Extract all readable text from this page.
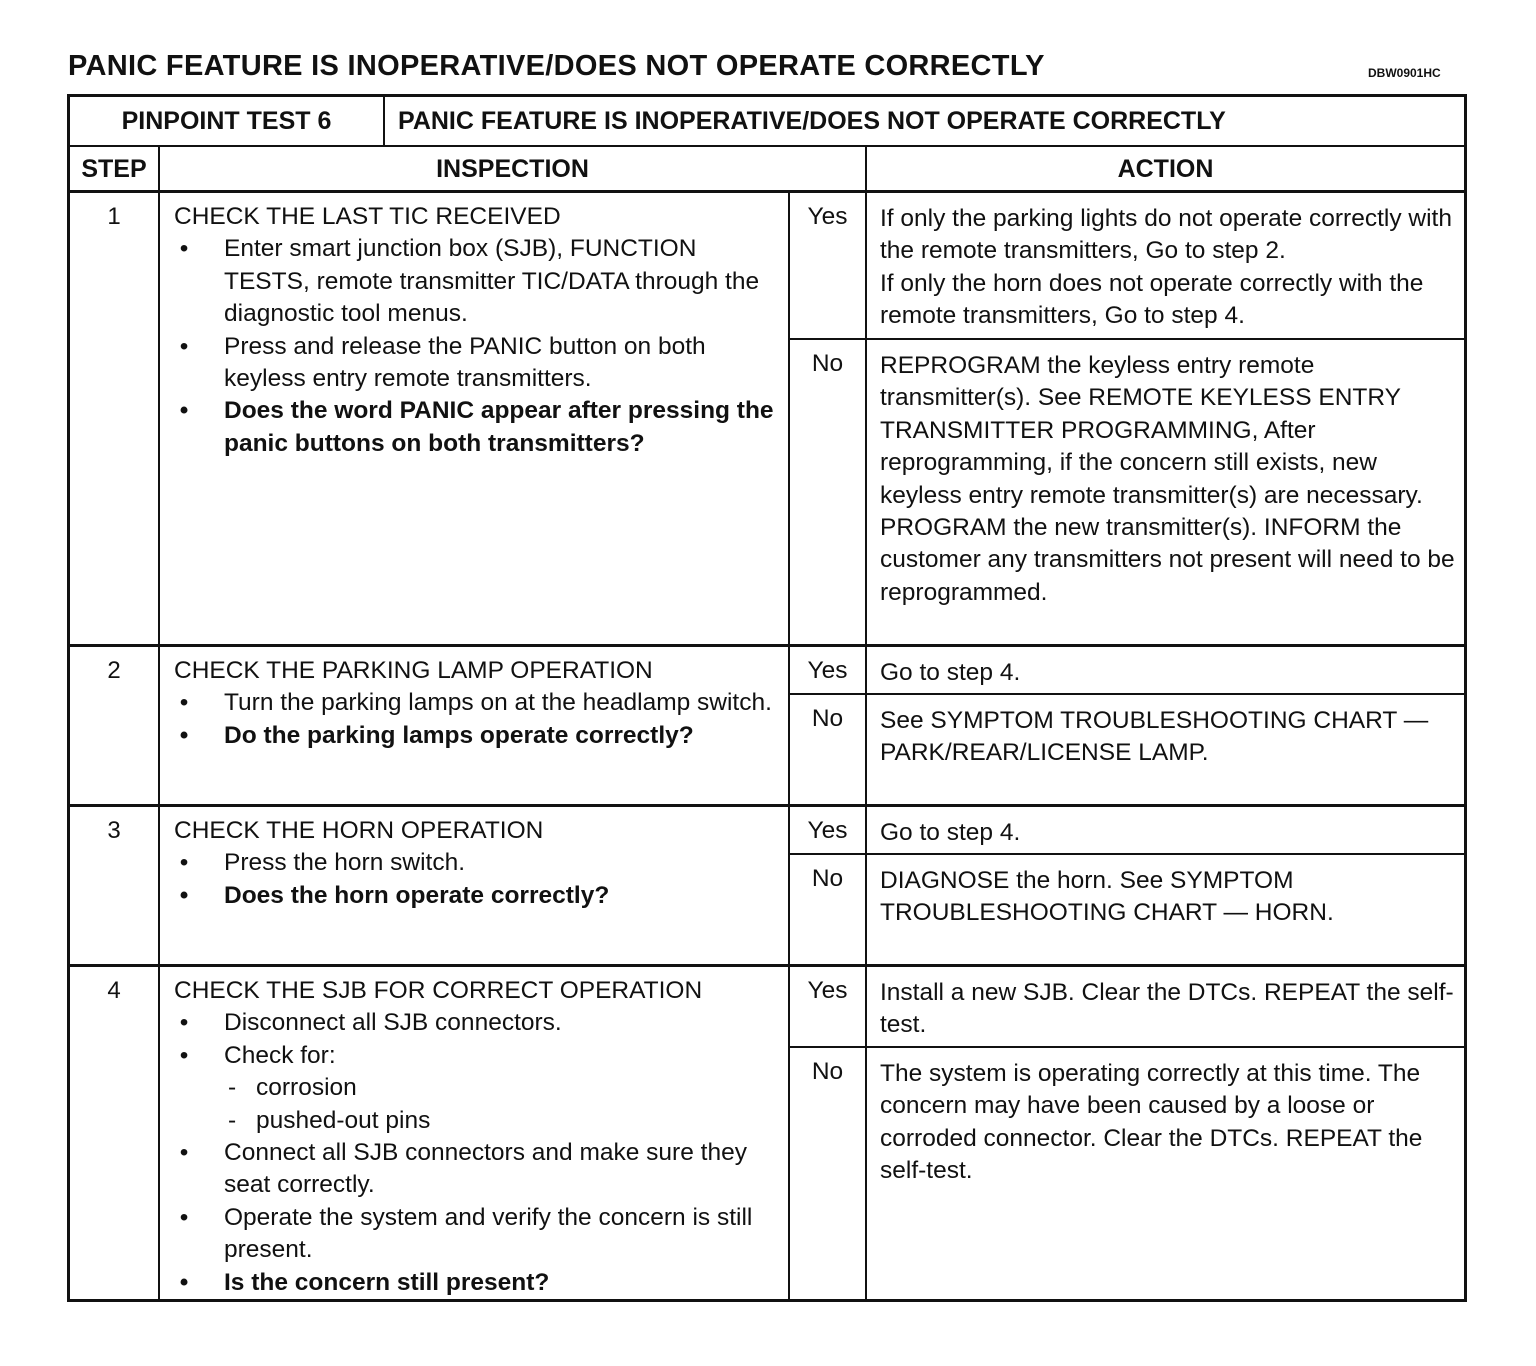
PANIC FEATURE IS INOPERATIVE/DOES NOT OPERATE CORRECTLY	DBW0901HC
PINPOINT TEST 6	PANIC FEATURE IS INOPERATIVE/DOES NOT OPERATE CORRECTLY
STEP	INSPECTION	ACTION
1	CHECK THE LAST TIC RECEIVED
• Enter smart junction box (SJB), FUNCTION TESTS, remote transmitter TIC/DATA through the diagnostic tool menus.
• Press and release the PANIC button on both keyless entry remote transmitters.
• Does the word PANIC appear after pressing the panic buttons on both transmitters?
Yes	If only the parking lights do not operate correctly with the remote transmitters, Go to step 2.
If only the horn does not operate correctly with the remote transmitters, Go to step 4.
No	REPROGRAM the keyless entry remote transmitter(s). See REMOTE KEYLESS ENTRY TRANSMITTER PROGRAMMING, After reprogramming, if the concern still exists, new keyless entry remote transmitter(s) are necessary. PROGRAM the new transmitter(s). INFORM the customer any transmitters not present will need to be reprogrammed.
2	CHECK THE PARKING LAMP OPERATION
• Turn the parking lamps on at the headlamp switch.
• Do the parking lamps operate correctly?
Yes	Go to step 4.
No	See SYMPTOM TROUBLESHOOTING CHART — PARK/REAR/LICENSE LAMP.
3	CHECK THE HORN OPERATION
• Press the horn switch.
• Does the horn operate correctly?
Yes	Go to step 4.
No	DIAGNOSE the horn. See SYMPTOM TROUBLESHOOTING CHART — HORN.
4	CHECK THE SJB FOR CORRECT OPERATION
• Disconnect all SJB connectors.
• Check for:
- corrosion
- pushed-out pins
• Connect all SJB connectors and make sure they seat correctly.
• Operate the system and verify the concern is still present.
• Is the concern still present?
Yes	Install a new SJB. Clear the DTCs. REPEAT the self-test.
No	The system is operating correctly at this time. The concern may have been caused by a loose or corroded connector. Clear the DTCs. REPEAT the self-test.
